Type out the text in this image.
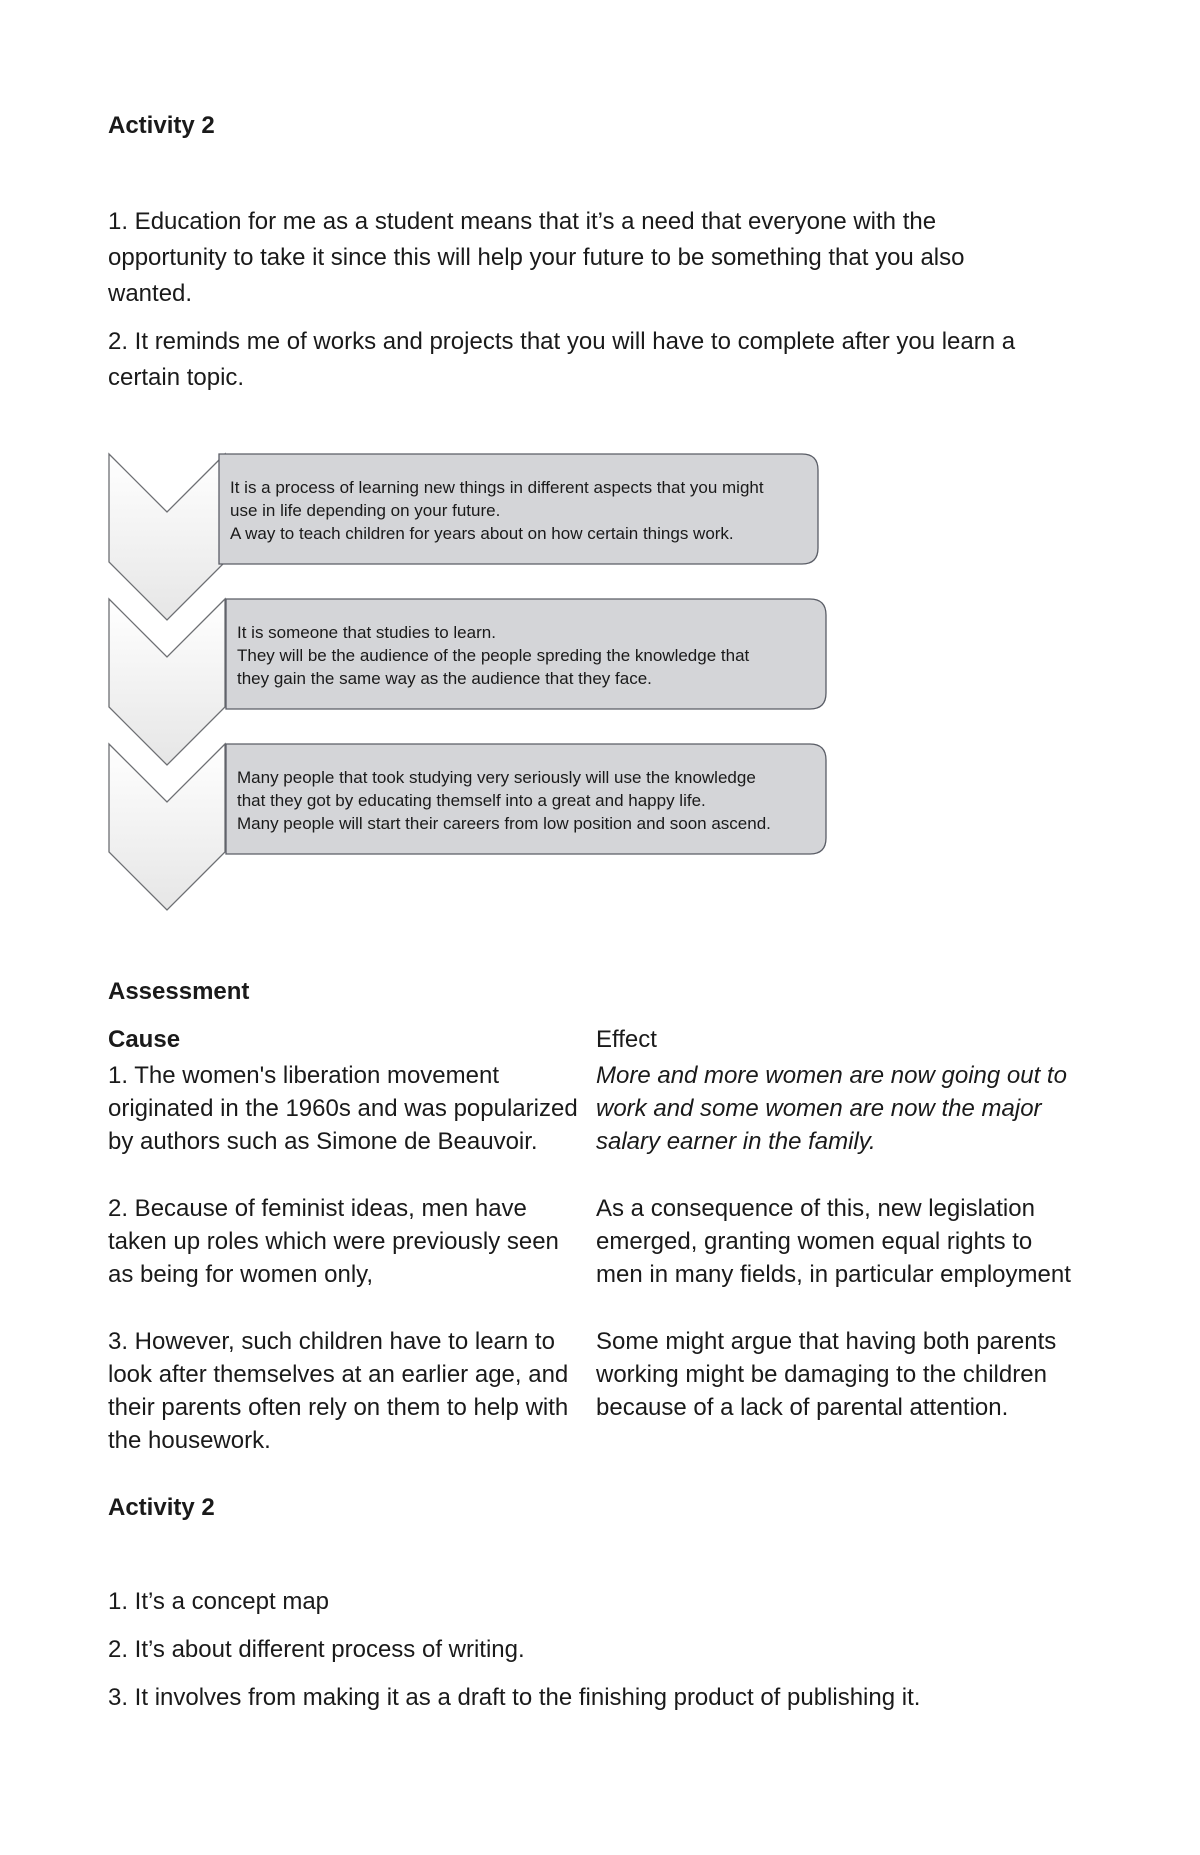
Activity 2
1. Education for me as a student means that it’s a need that everyone with the opportunity to take it since this will help your future to be something that you also wanted.
2. It reminds me of works and projects that you will have to complete after you learn a certain topic.
It is a process of learning new things in different aspects that you might
use in life depending on your future.
A way to teach children for years about on how certain things work.
It is someone that studies to learn.
They will be the audience of the people spreding the knowledge that
they gain the same way as the audience that they face.
Many people that took studying very seriously will use the knowledge
that they got by educating themself into a great and happy life.
Many people will start their careers from low position and soon ascend.
Assessment
Cause	Effect
1. The women's liberation movement originated in the 1960s and was popularized by authors such as Simone de Beauvoir.
More and more women are now going out to work and some women are now the major salary earner in the family.
2. Because of feminist ideas, men have taken up roles which were previously seen as being for women only,
As a consequence of this, new legislation emerged, granting women equal rights to men in many fields, in particular employment
3. However, such children have to learn to look after themselves at an earlier age, and their parents often rely on them to help with the housework.
Some might argue that having both parents working might be damaging to the children because of a lack of parental attention.
Activity 2
1. It’s a concept map
2. It’s about different process of writing.
3. It involves from making it as a draft to the finishing product of publishing it.
